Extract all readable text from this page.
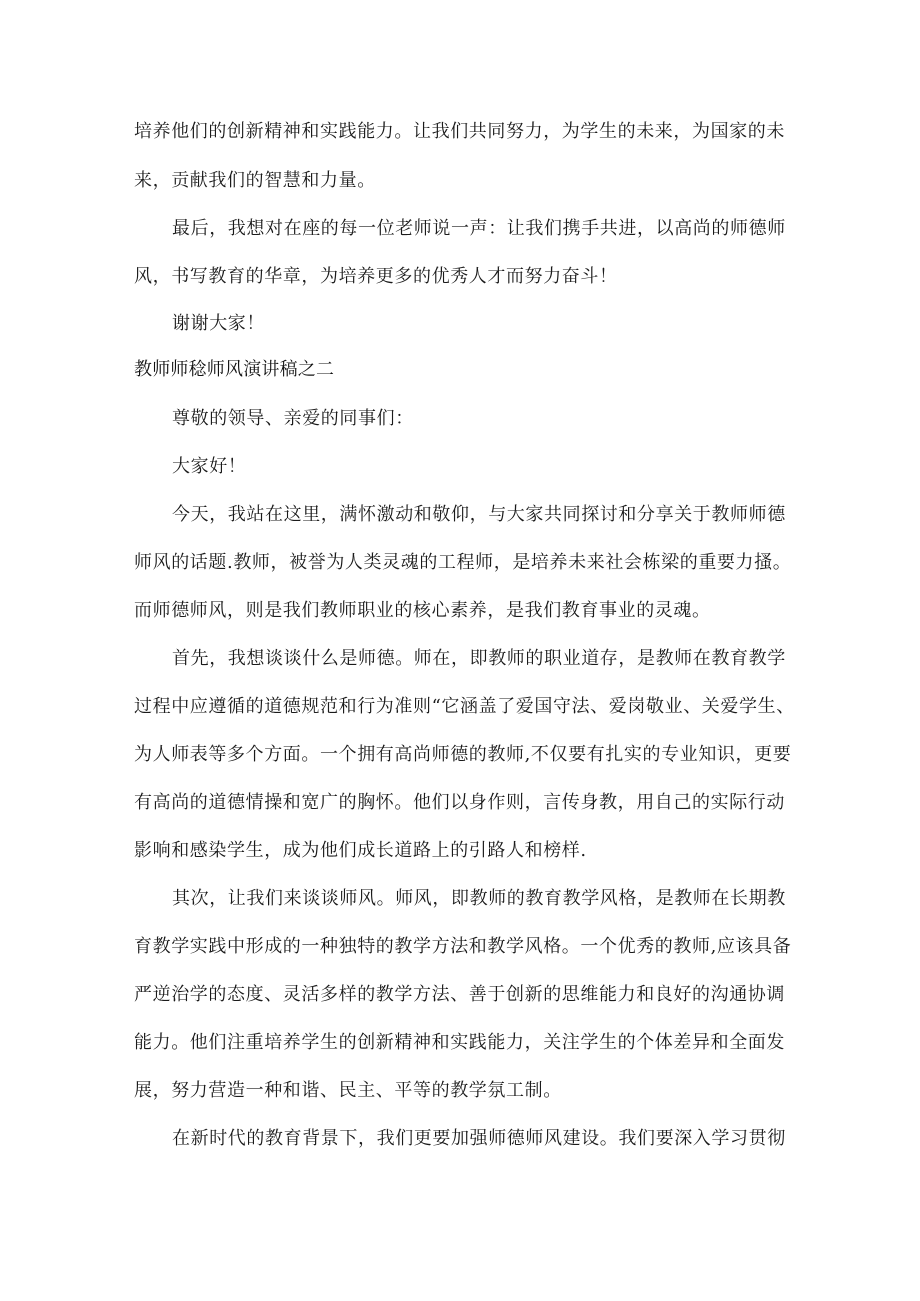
培养他们的创新精神和实践能力。让我们共同努力，为学生的未来，为国家的未
来，贡献我们的智慧和力量。
最后，我想对在座的每一位老师说一声：让我们携手共进，以高尚的师德师
风，书写教育的华章，为培养更多的优秀人才而努力奋斗！
谢谢大家！
教师师稔师风演讲稿之二
尊敬的领导、亲爱的同事们：
大家好！
今天，我站在这里，满怀激动和敬仰，与大家共同探讨和分享关于教师师德
师风的话题.教师，被誉为人类灵魂的工程师，是培养未来社会栋梁的重要力搔。
而师德师风，则是我们教师职业的核心素养，是我们教育事业的灵魂。
首先，我想谈谈什么是师德。师在，即教师的职业道存，是教师在教育教学
过程中应遵循的道德规范和行为准则“它涵盖了爱国守法、爱岗敬业、关爱学生、
为人师表等多个方面。一个拥有高尚师德的教师,不仅要有扎实的专业知识，更要
有高尚的道德情操和宽广的胸怀。他们以身作则，言传身教，用自己的实际行动
影响和感染学生，成为他们成长道路上的引路人和榜样.
其次，让我们来谈谈师风。师风，即教师的教育教学风格，是教师在长期教
育教学实践中形成的一种独特的教学方法和教学风格。一个优秀的教师,应该具备
严逆治学的态度、灵活多样的教学方法、善于创新的思维能力和良好的沟通协调
能力。他们注重培养学生的创新精神和实践能力，关注学生的个体差异和全面发
展，努力营造一种和谐、民主、平等的教学氛工制。
在新时代的教育背景下，我们更要加强师德师风建设。我们要深入学习贯彻
